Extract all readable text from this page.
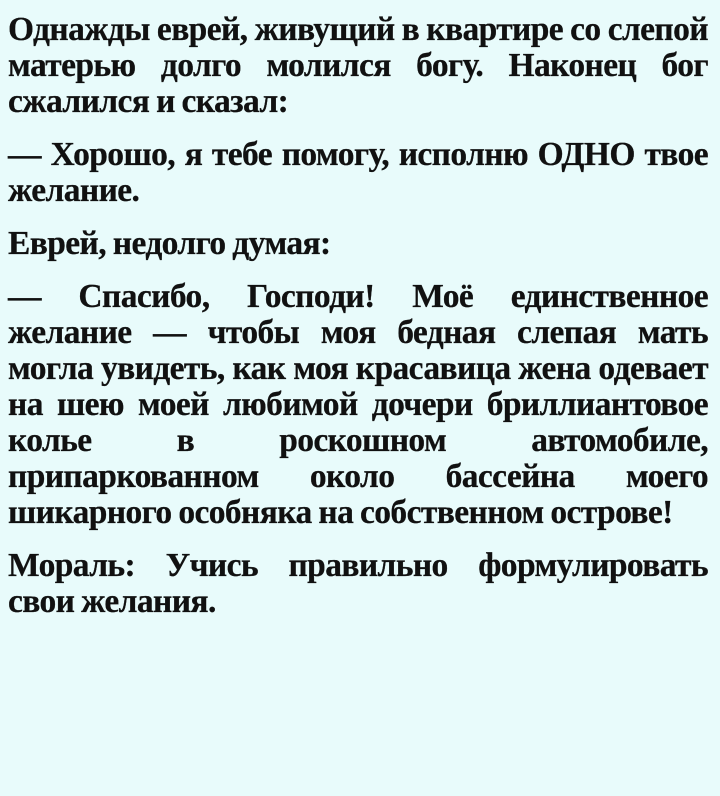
Однажды еврей, живущий в квартире со слепой матерью долго молился богу. Наконец бог сжалился и сказал:

— Хорошо, я тебе помогу, исполню ОДНО твое желание.

Еврей, недолго думая:

— Спасибо, Господи! Моё единственное желание — чтобы моя бедная слепая мать могла увидеть, как моя красавица жена одевает на шею моей любимой дочери бриллиантовое колье в роскошном автомобиле, припаркованном около бассейна моего шикарного особняка на собственном острове!

Мораль: Учись правильно формулировать свои желания.
